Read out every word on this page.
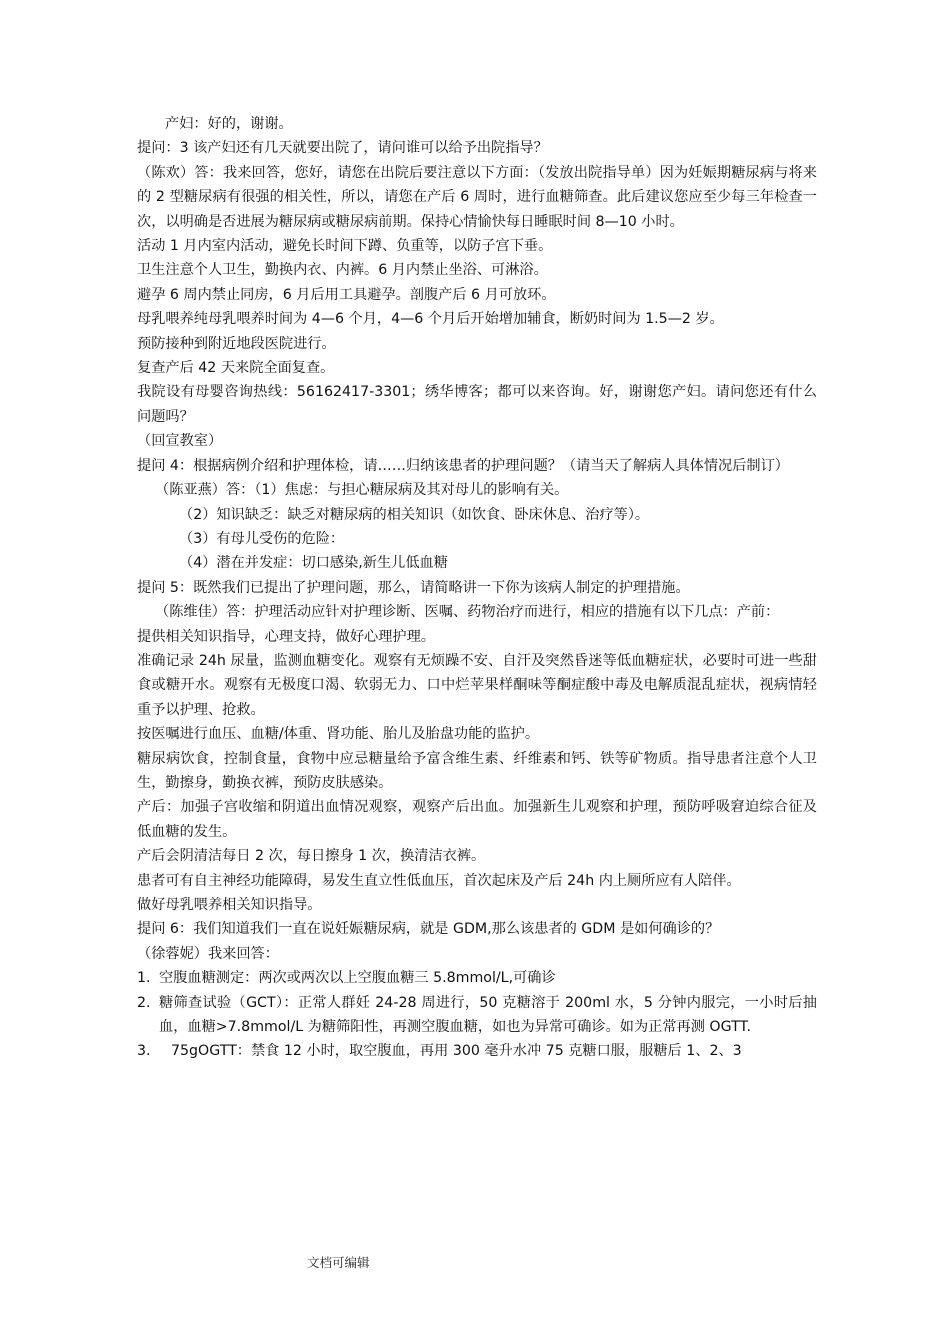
产妇：好的，谢谢。

提问：3 该产妇还有几天就要出院了，请问谁可以给予出院指导？

（陈欢）答：我来回答，您好，请您在出院后要注意以下方面：（发放出院指导单）因为妊娠期糖尿病与将来的 2 型糖尿病有很强的相关性，所以，请您在产后 6 周时，进行血糖筛查。此后建议您应至少每三年检查一次，以明确是否进展为糖尿病或糖尿病前期。保持心情愉快每日睡眠时间 8—10 小时。

活动 1 月内室内活动，避免长时间下蹲、负重等，以防子宫下垂。

卫生注意个人卫生，勤换内衣、内裤。6 月内禁止坐浴、可淋浴。

避孕 6 周内禁止同房，6 月后用工具避孕。剖腹产后 6 月可放环。

母乳喂养纯母乳喂养时间为 4—6 个月，4—6 个月后开始增加辅食，断奶时间为 1.5—2 岁。

预防接种到附近地段医院进行。

复查产后 42 天来院全面复查。

我院设有母婴咨询热线：56162417-3301；绣华博客；都可以来咨询。好，谢谢您产妇。请问您还有什么问题吗？

（回宣教室）

提问 4：根据病例介绍和护理体检，请……归纳该患者的护理问题？（请当天了解病人具体情况后制订）

（陈亚燕）答：（1）焦虑：与担心糖尿病及其对母儿的影响有关。

（2）知识缺乏：缺乏对糖尿病的相关知识（如饮食、卧床休息、治疗等）。

（3）有母儿受伤的危险：

（4）潜在并发症：切口感染,新生儿低血糖

提问 5：既然我们已提出了护理问题，那么，请简略讲一下你为该病人制定的护理措施。

（陈维佳）答：护理活动应针对护理诊断、医嘱、药物治疗而进行，相应的措施有以下几点：产前：

提供相关知识指导，心理支持，做好心理护理。

准确记录 24h 尿量，监测血糖变化。观察有无烦躁不安、自汗及突然昏迷等低血糖症状，必要时可进一些甜食或糖开水。观察有无极度口渴、软弱无力、口中烂苹果样酮味等酮症酸中毒及电解质混乱症状，视病情轻重予以护理、抢救。

按医嘱进行血压、血糖/体重、肾功能、胎儿及胎盘功能的监护。

糖尿病饮食，控制食量，食物中应忌糖量给予富含维生素、纤维素和钙、铁等矿物质。指导患者注意个人卫生，勤擦身，勤换衣裤，预防皮肤感染。

产后：加强子宫收缩和阴道出血情况观察，观察产后出血。加强新生儿观察和护理，预防呼吸窘迫综合征及低血糖的发生。

产后会阴清洁每日 2 次，每日擦身 1 次，换清洁衣裤。

患者可有自主神经功能障碍，易发生直立性低血压，首次起床及产后 24h 内上厕所应有人陪伴。

做好母乳喂养相关知识指导。

提问 6：我们知道我们一直在说妊娠糖尿病，就是 GDM,那么该患者的 GDM 是如何确诊的？

（徐蓉妮）我来回答：

1. 空腹血糖测定：两次或两次以上空腹血糖三 5.8mmol/L,可确诊
2. 糖筛查试验（GCT）：正常人群妊 24-28 周进行，50 克糖溶于 200ml 水，5 分钟内服完，一小时后抽血，血糖>7.8mmol/L 为糖筛阳性，再测空腹血糖，如也为异常可确诊。如为正常再测 OGTT.
3.	75gOGTT：禁食 12 小时，取空腹血，再用 300 毫升水冲 75 克糖口服，服糖后 1、2、3
文档可编辑
